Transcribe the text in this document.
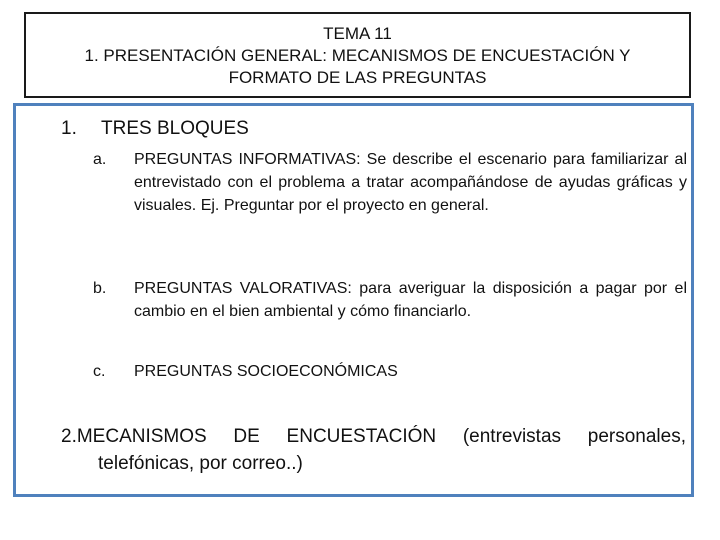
TEMA 11
1. PRESENTACIÓN GENERAL: MECANISMOS DE ENCUESTACIÓN Y
FORMATO DE LAS PREGUNTAS
1. TRES BLOQUES
a. PREGUNTAS INFORMATIVAS: Se describe el escenario para familiarizar al entrevistado con el problema a tratar acompañándose de ayudas gráficas y visuales. Ej. Preguntar por el proyecto en general.
b. PREGUNTAS VALORATIVAS: para averiguar la disposición a pagar por el cambio en el bien ambiental y cómo financiarlo.
c. PREGUNTAS SOCIOECONÓMICAS
2.MECANISMOS DE ENCUESTACIÓN (entrevistas personales,
telefónicas, por correo..)
